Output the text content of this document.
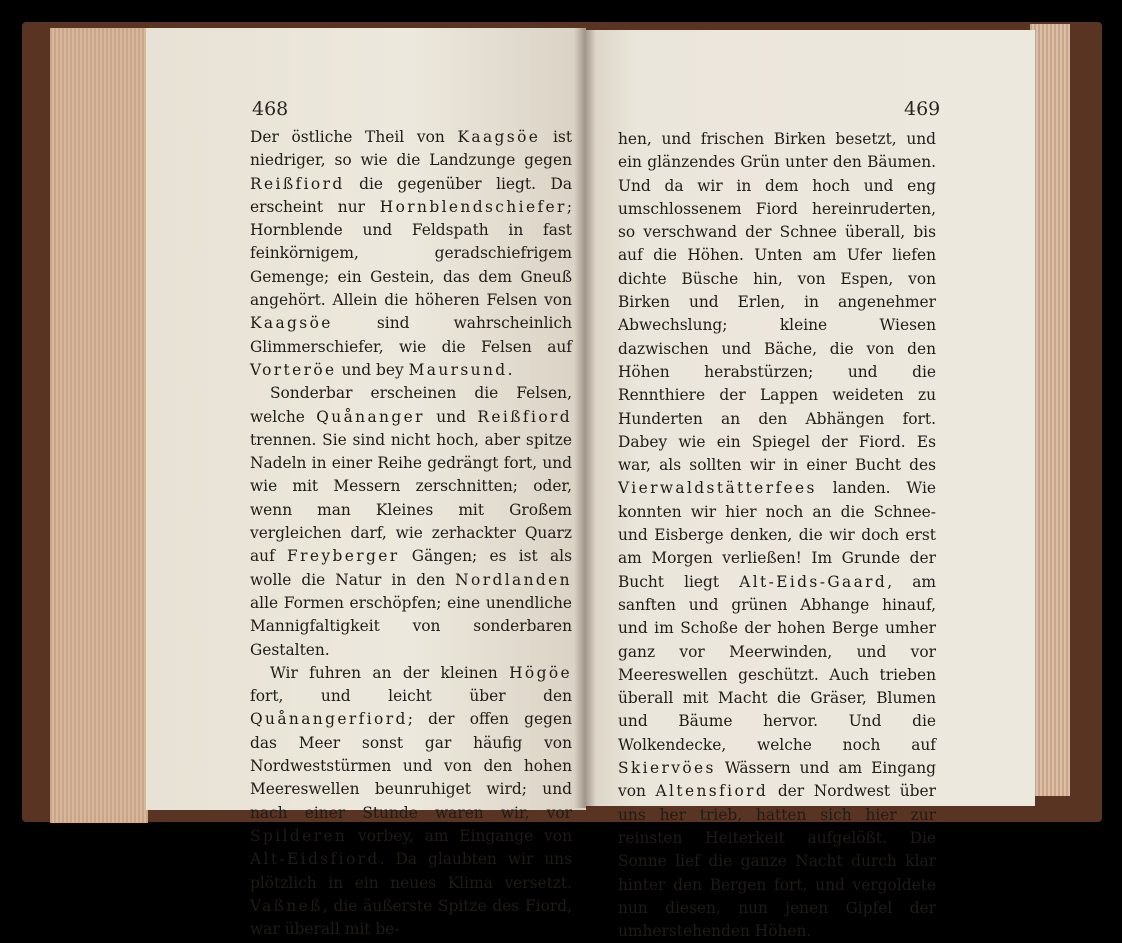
468	469

Der östliche Theil von Kaagsöe ist niedriger, so wie die Landzunge gegen Reißfiord die gegenüber liegt. Da erscheint nur Hornblendschiefer; Hornblende und Feldspath in fast feinkörnigem, geradschiefrigem Gemenge; ein Gestein, das dem Gneuß angehört. Allein die höheren Felsen von Kaagsöe sind wahrscheinlich Glimmerschiefer, wie die Felsen auf Vorteröe und bey Maursund.

Sonderbar erscheinen die Felsen, welche Quånanger und Reißfiord trennen. Sie sind nicht hoch, aber spitze Nadeln in einer Reihe gedrängt fort, und wie mit Messern zerschnitten; oder, wenn man Kleines mit Großem vergleichen darf, wie zerhackter Quarz auf Freyberger Gängen; es ist als wolle die Natur in den Nordlanden alle Formen erschöpfen; eine unendliche Mannigfaltigkeit von sonderbaren Gestalten.

Wir fuhren an der kleinen Högöe fort, und leicht über den Quånangerfiord; der offen gegen das Meer sonst gar häufig von Nordweststürmen und von den hohen Meereswellen beunruhiget wird; und nach einer Stunde waren wir, vor Spilderen vorbey, am Eingange von Alt-Eidsfiord. Da glaubten wir uns plötzlich in ein neues Klima versetzt. Vaßneß, die äußerste Spitze des Fiord, war überall mit be-

hen, und frischen Birken besetzt, und ein glänzendes Grün unter den Bäumen. Und da wir in dem hoch und eng umschlossenem Fiord hereinruderten, so verschwand der Schnee überall, bis auf die Höhen. Unten am Ufer liefen dichte Büsche hin, von Espen, von Birken und Erlen, in angenehmer Abwechslung; kleine Wiesen dazwischen und Bäche, die von den Höhen herabstürzen; und die Rennthiere der Lappen weideten zu Hunderten an den Abhängen fort. Dabey wie ein Spiegel der Fiord. Es war, als sollten wir in einer Bucht des Vierwaldstätterfees landen. Wie konnten wir hier noch an die Schnee- und Eisberge denken, die wir doch erst am Morgen verließen! Im Grunde der Bucht liegt Alt-Eids-Gaard, am sanften und grünen Abhange hinauf, und im Schoße der hohen Berge umher ganz vor Meerwinden, und vor Meereswellen geschützt. Auch trieben überall mit Macht die Gräser, Blumen und Bäume hervor. Und die Wolkendecke, welche noch auf Skiervöes Wässern und am Eingang von Altensfiord der Nordwest über uns her trieb, hatten sich hier zur reinsten Heiterkeit aufgelößt. Die Sonne lief die ganze Nacht durch klar hinter den Bergen fort, und vergoldete nun diesen, nun jenen Gipfel der umherstehenden Höhen.
